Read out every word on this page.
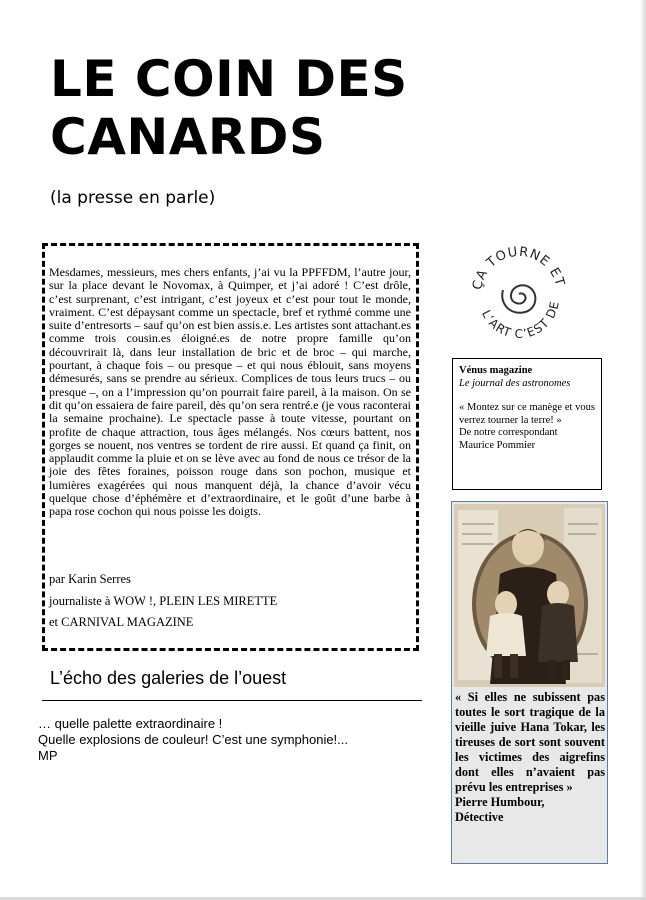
LE COIN DES CANARDS
(la presse en parle)
Mesdames, messieurs, mes chers enfants, j’ai vu la PPFFDM, l’autre jour, sur la place devant le Novomax, à Quimper, et j’ai adoré ! C’est drôle, c’est surprenant, c’est intrigant, c’est joyeux et c’est pour tout le monde, vraiment. C’est dépaysant comme un spectacle, bref et rythmé comme une suite d’entresorts – sauf qu’on est bien assis.e. Les artistes sont attachant.es comme trois cousin.es éloigné.es de notre propre famille qu’on découvrirait là, dans leur installation de bric et de broc – qui marche, pourtant, à chaque fois – ou presque – et qui nous éblouit, sans moyens démesurés, sans se prendre au sérieux. Complices de tous leurs trucs – ou presque –, on a l’impression qu’on pourrait faire pareil, à la maison. On se dit qu’on essaiera de faire pareil, dès qu’on sera rentré.e (je vous raconterai la semaine prochaine). Le spectacle passe à toute vitesse, pourtant on profite de chaque attraction, tous âges mélangés. Nos cœurs battent, nos gorges se nouent, nos ventres se tordent de rire aussi. Et quand ça finit, on applaudit comme la pluie et on se lève avec au fond de nous ce trésor de la joie des fêtes foraines, poisson rouge dans son pochon, musique et lumières exagérées qui nous manquent déjà, la chance d’avoir vécu quelque chose d’éphémère et d’extraordinaire, et le goût d’une barbe à papa rose cochon qui nous poisse les doigts.
par Karin Serres
journaliste à WOW !, PLEIN LES MIRETTE
et CARNIVAL MAGAZINE
ÇA TOURNE ET
L’ART C’EST DE
Vénus magazine
Le journal des astronomes
« Montez sur ce manège et vous verrez tourner la terre! »
De notre correspondant
Maurice Pommier
« Si elles ne subissent pas toutes le sort tragique de la vieille juive Hana Tokar, les tireuses de sort sont souvent les victimes des aigrefins dont elles n’avaient pas prévu les entreprises »
Pierre Humbour,
Détective
L’écho des galeries de l’ouest
… quelle palette extraordinaire !
Quelle explosions de couleur! C’est une symphonie!...
MP
